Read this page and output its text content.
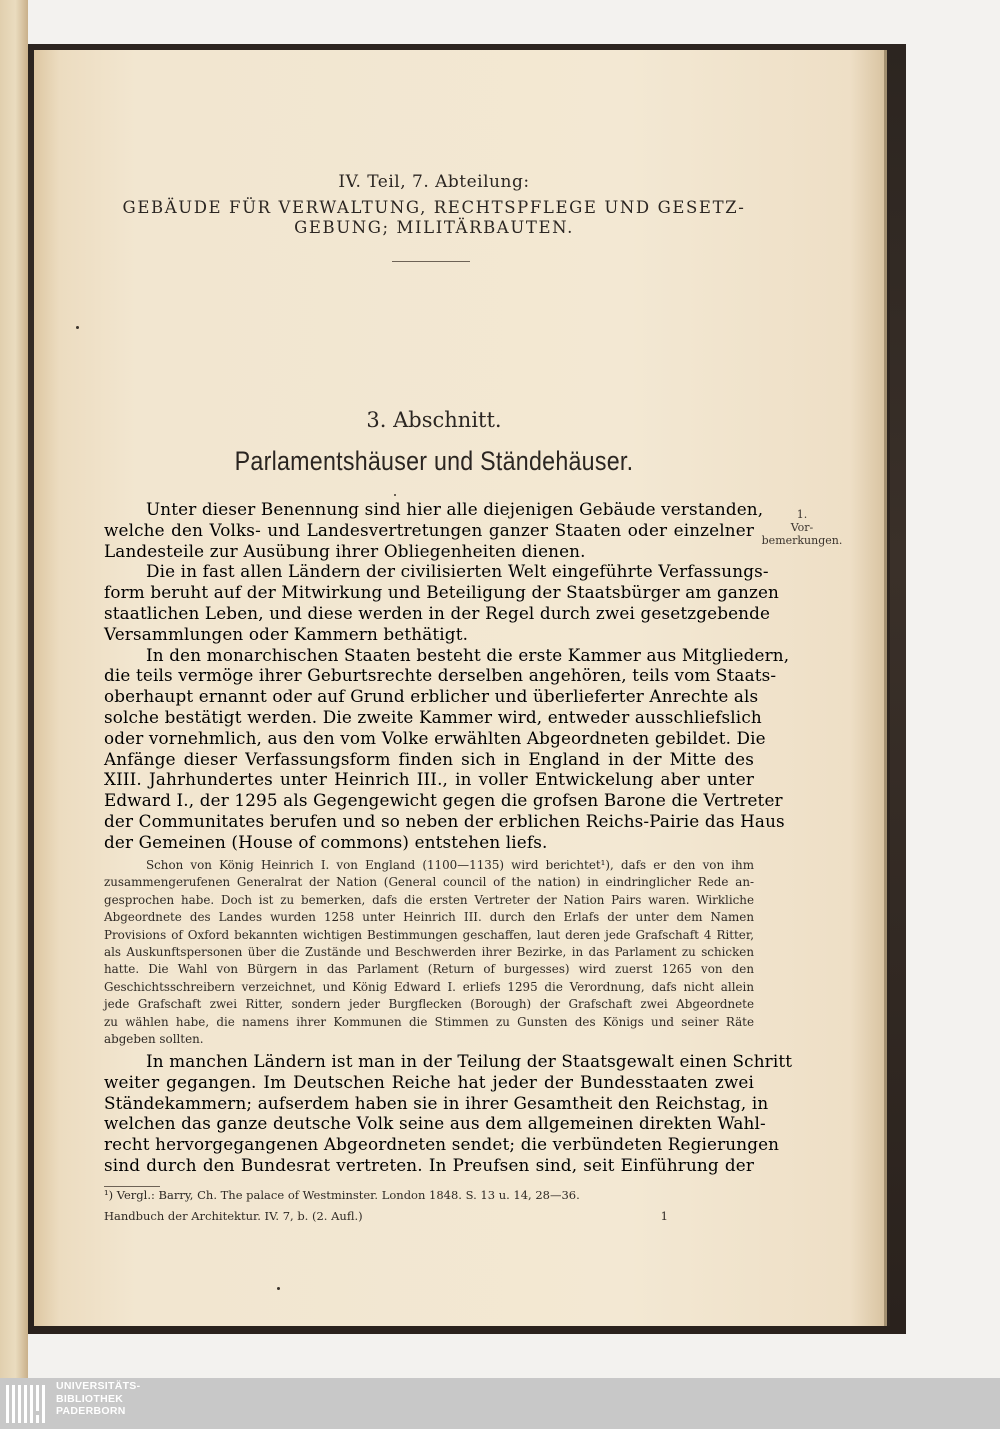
IV. Teil, 7. Abteilung:
GEBÄUDE FÜR VERWALTUNG, RECHTSPFLEGE UND GESETZ-
GEBUNG; MILITÄRBAUTEN.
3. Abschnitt.
Parlamentshäuser und Ständehäuser.
1.
Vor-
bemerkungen.
Unter dieser Benennung sind hier alle diejenigen Gebäude verstanden,
welche den Volks- und Landesvertretungen ganzer Staaten oder einzelner
Landesteile zur Ausübung ihrer Obliegenheiten dienen.
Die in fast allen Ländern der civilisierten Welt eingeführte Verfassungs-
form beruht auf der Mitwirkung und Beteiligung der Staatsbürger am ganzen
staatlichen Leben, und diese werden in der Regel durch zwei gesetzgebende
Versammlungen oder Kammern bethätigt.
In den monarchischen Staaten besteht die erste Kammer aus Mitgliedern,
die teils vermöge ihrer Geburtsrechte derselben angehören, teils vom Staats-
oberhaupt ernannt oder auf Grund erblicher und überlieferter Anrechte als
solche bestätigt werden. Die zweite Kammer wird, entweder ausschliefslich
oder vornehmlich, aus den vom Volke erwählten Abgeordneten gebildet. Die
Anfänge dieser Verfassungsform finden sich in England in der Mitte des
XIII. Jahrhundertes unter Heinrich III., in voller Entwickelung aber unter
Edward I., der 1295 als Gegengewicht gegen die grofsen Barone die Vertreter
der Communitates berufen und so neben der erblichen Reichs-Pairie das Haus
der Gemeinen (House of commons) entstehen liefs.
Schon von König Heinrich I. von England (1100—1135) wird berichtet¹), dafs er den von ihm
zusammengerufenen Generalrat der Nation (General council of the nation) in eindringlicher Rede an-
gesprochen habe. Doch ist zu bemerken, dafs die ersten Vertreter der Nation Pairs waren. Wirkliche
Abgeordnete des Landes wurden 1258 unter Heinrich III. durch den Erlafs der unter dem Namen
Provisions of Oxford bekannten wichtigen Bestimmungen geschaffen, laut deren jede Grafschaft 4 Ritter,
als Auskunftspersonen über die Zustände und Beschwerden ihrer Bezirke, in das Parlament zu schicken
hatte. Die Wahl von Bürgern in das Parlament (Return of burgesses) wird zuerst 1265 von den
Geschichtsschreibern verzeichnet, und König Edward I. erliefs 1295 die Verordnung, dafs nicht allein
jede Grafschaft zwei Ritter, sondern jeder Burgflecken (Borough) der Grafschaft zwei Abgeordnete
zu wählen habe, die namens ihrer Kommunen die Stimmen zu Gunsten des Königs und seiner Räte
abgeben sollten.
In manchen Ländern ist man in der Teilung der Staatsgewalt einen Schritt
weiter gegangen. Im Deutschen Reiche hat jeder der Bundesstaaten zwei
Ständekammern; aufserdem haben sie in ihrer Gesamtheit den Reichstag, in
welchen das ganze deutsche Volk seine aus dem allgemeinen direkten Wahl-
recht hervorgegangenen Abgeordneten sendet; die verbündeten Regierungen
sind durch den Bundesrat vertreten. In Preufsen sind, seit Einführung der
¹) Vergl.: Barry, Ch. The palace of Westminster. London 1848. S. 13 u. 14, 28—36.
Handbuch der Architektur. IV. 7, b. (2. Aufl.)	1
UNIVERSITÄTS-
BIBLIOTHEK
PADERBORN
